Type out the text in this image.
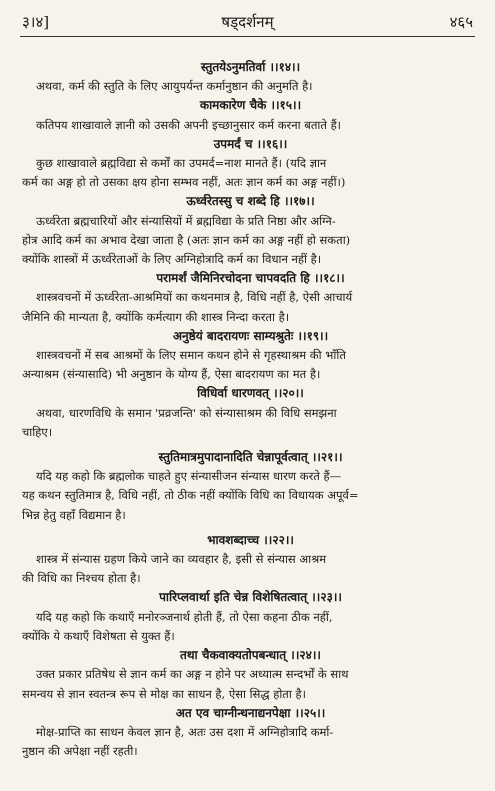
३।४]	षड्दर्शनम्	४६५
स्तुतयेऽनुमतिर्वा ।।१४।।
अथवा, कर्म की स्तुति के लिए आयुपर्यन्त कर्मानुष्ठान की अनुमति है।
कामकारेण चैके ।।१५।।
कतिपय शाखावाले ज्ञानी को उसकी अपनी इच्छानुसार कर्म करना बताते हैं।
उपमर्दं च ।।१६।।
कुछ शाखावाले ब्रह्मविद्या से कर्मों का उपमर्द=नाश मानते हैं। (यदि ज्ञान
कर्म का अङ्ग हो तो उसका क्षय होना सम्भव नहीं, अतः ज्ञान कर्म का अङ्ग नहीं।)
ऊर्ध्वरेतस्सु च शब्दे हि ।।१७।।
ऊर्ध्वरेता ब्रह्मचारियों और संन्यासियों में ब्रह्मविद्या के प्रति निष्ठा और अग्नि-
होत्र आदि कर्म का अभाव देखा जाता है (अतः ज्ञान कर्म का अङ्ग नहीं हो सकता)
क्योंकि शास्त्रों में ऊर्ध्वरेताओं के लिए अग्निहोत्रादि कर्म का विधान नहीं है।
परामर्शं जैमिनिरचोदना चापवदति हि ।।१८।।
शास्त्रवचनों में ऊर्ध्वरेता-आश्रमियों का कथनमात्र है, विधि नहीं है, ऐसी आचार्य
जैमिनि की मान्यता है, क्योंकि कर्मत्याग की शास्त्र निन्दा करता है।
अनुष्ठेयं बादरायणः साम्यश्रुतेः ।।१९।।
शास्त्रवचनों में सब आश्रमों के लिए समान कथन होने से गृहस्थाश्रम की भाँति
अन्याश्रम (संन्यासादि) भी अनुष्ठान के योग्य हैं, ऐसा बादरायण का मत है।
विधिर्वा धारणवत् ।।२०।।
अथवा, धारणविधि के समान 'प्रव्रजन्ति' को संन्यासाश्रम की विधि समझना
चाहिए।
स्तुतिमात्रमुपादानादिति चेन्नापूर्वत्वात् ।।२१।।
यदि यह कहो कि ब्रह्मलोक चाहते हुए संन्यासीजन संन्यास धारण करते हैं—
यह कथन स्तुतिमात्र है, विधि नहीं, तो ठीक नहीं क्योंकि विधि का विधायक अपूर्व=
भिन्न हेतु वहाँ विद्यमान है।
भावशब्दाच्च ।।२२।।
शास्त्र में संन्यास ग्रहण किये जाने का व्यवहार है, इसी से संन्यास आश्रम
की विधि का निश्चय होता है।
पारिप्लवार्था इति चेन्न विशेषितत्वात् ।।२३।।
यदि यह कहो कि कथाएँ मनोरञ्जनार्थ होती हैं, तो ऐसा कहना ठीक नहीं,
क्योंकि ये कथाएँ विशेषता से युक्त हैं।
तथा चैकवाक्यतोपबन्धात् ।।२४।।
उक्त प्रकार प्रतिषेध से ज्ञान कर्म का अङ्ग न होने पर अध्यात्म सन्दर्भों के साथ
समन्वय से ज्ञान स्वतन्त्र रूप से मोक्ष का साधन है, ऐसा सिद्ध होता है।
अत एव चाग्नीन्धनाद्यनपेक्षा ।।२५।।
मोक्ष-प्राप्ति का साधन केवल ज्ञान है, अतः उस दशा में अग्निहोत्रादि कर्मा-
नुष्ठान की अपेक्षा नहीं रहती।
